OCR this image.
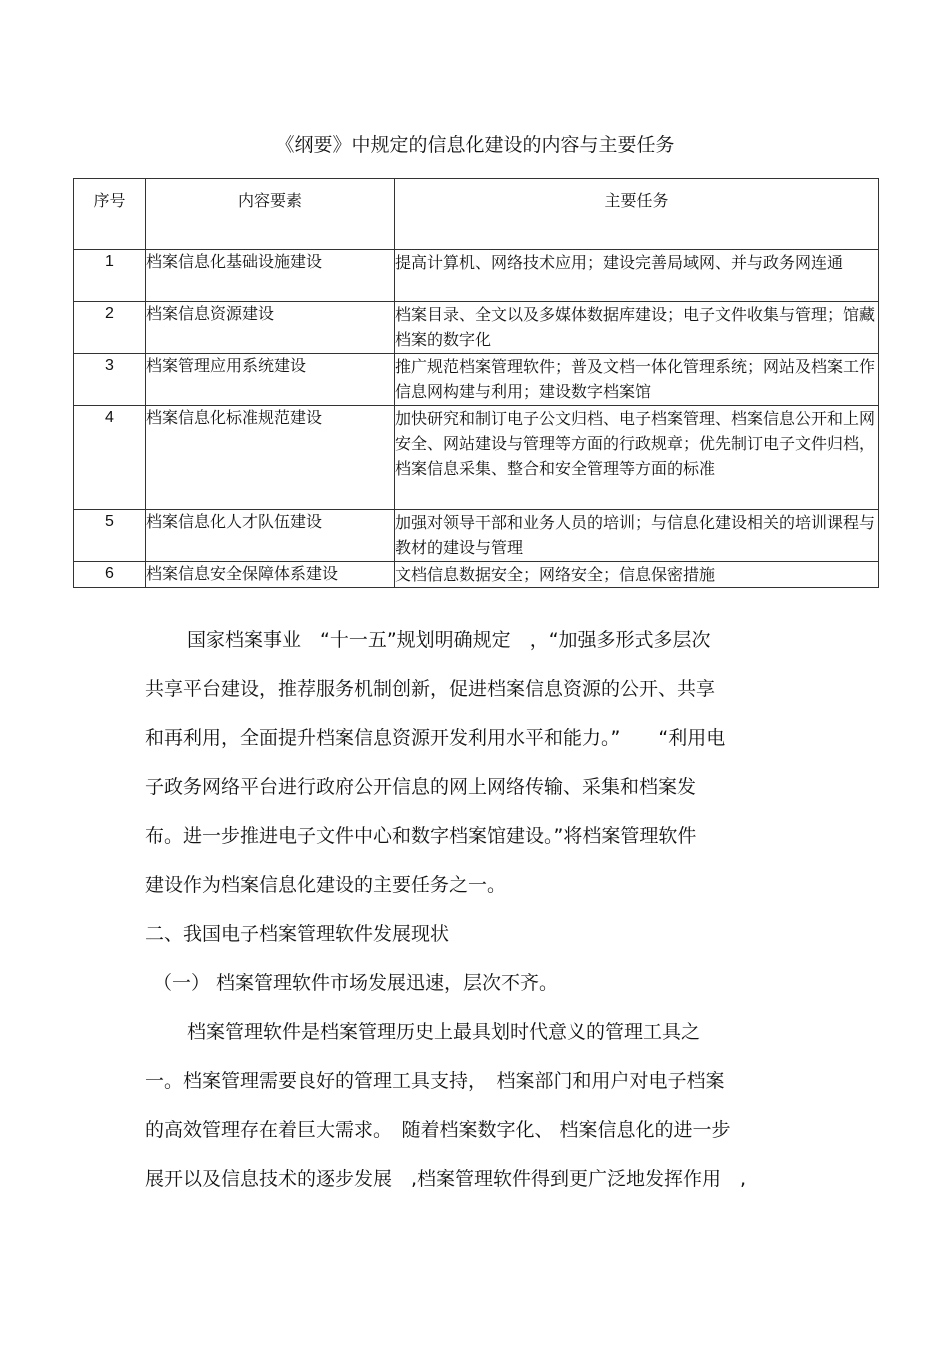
《纲要》中规定的信息化建设的内容与主要任务
序号	内容要素	主要任务
1	档案信息化基础设施建设	提高计算机、网络技术应用；建设完善局域网、并与政务网连通
2	档案信息资源建设	档案目录、全文以及多媒体数据库建设；电子文件收集与管理；馆藏档案的数字化
3	档案管理应用系统建设	推广规范档案管理软件；普及文档一体化管理系统；网站及档案工作信息网构建与利用；建设数字档案馆
4	档案信息化标准规范建设	加快研究和制订电子公文归档、电子档案管理、档案信息公开和上网安全、网站建设与管理等方面的行政规章；优先制订电子文件归档，档案信息采集、整合和安全管理等方面的标准
5	档案信息化人才队伍建设	加强对领导干部和业务人员的培训；与信息化建设相关的培训课程与教材的建设与管理
6	档案信息安全保障体系建设	文档信息数据安全；网络安全；信息保密措施
国家档案事业　“十一五”规划明确规定　，“加强多形式多层次
共享平台建设，推荐服务机制创新，促进档案信息资源的公开、共享
和再利用，全面提升档案信息资源开发利用水平和能力。”　　“利用电
子政务网络平台进行政府公开信息的网上网络传输、采集和档案发
布。进一步推进电子文件中心和数字档案馆建设。”将档案管理软件
建设作为档案信息化建设的主要任务之一。
二、我国电子档案管理软件发展现状
（一） 档案管理软件市场发展迅速，层次不齐。
档案管理软件是档案管理历史上最具划时代意义的管理工具之
一。档案管理需要良好的管理工具支持，　档案部门和用户对电子档案
的高效管理存在着巨大需求。　随着档案数字化、 档案信息化的进一步
展开以及信息技术的逐步发展　,档案管理软件得到更广泛地发挥作用　,
